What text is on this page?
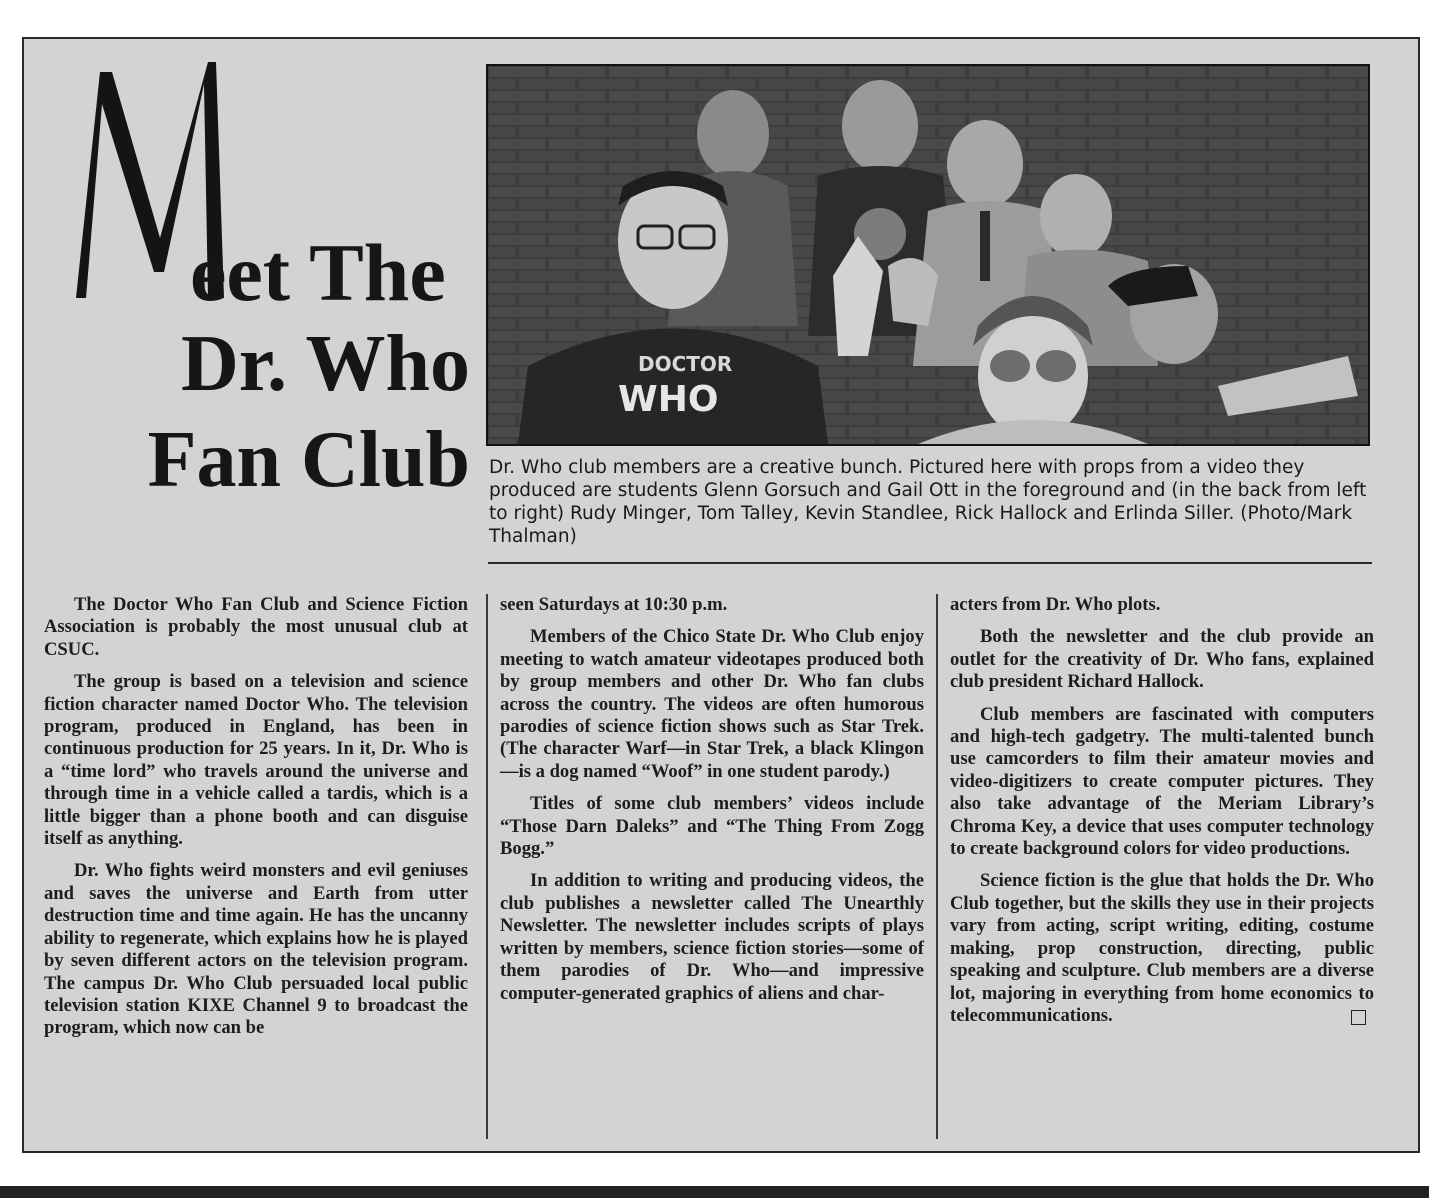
eet The
Dr. Who
Fan Club
DOCTOR
WHO
Dr. Who club members are a creative bunch. Pictured here with props from a video they produced are students Glenn Gorsuch and Gail Ott in the foreground and (in the back from left to right) Rudy Minger, Tom Talley, Kevin Standlee, Rick Hallock and Erlinda Siller. (Photo/Mark Thalman)

The Doctor Who Fan Club and Science Fiction Association is probably the most unusual club at CSUC.

The group is based on a television and science fiction character named Doctor Who. The television program, produced in England, has been in continuous production for 25 years. In it, Dr. Who is a “time lord” who travels around the universe and through time in a vehicle called a tardis, which is a little bigger than a phone booth and can disguise itself as anything.

Dr. Who fights weird monsters and evil geniuses and saves the universe and Earth from utter destruction time and time again. He has the uncanny ability to regenerate, which explains how he is played by seven different actors on the television program. The campus Dr. Who Club persuaded local public television station KIXE Channel 9 to broadcast the program, which now can be

seen Saturdays at 10:30 p.m.

Members of the Chico State Dr. Who Club enjoy meeting to watch amateur videotapes produced both by group members and other Dr. Who fan clubs across the country. The videos are often humorous parodies of science fiction shows such as Star Trek. (The character Warf—in Star Trek, a black Klingon—is a dog named “Woof” in one student parody.)

Titles of some club members’ videos include “Those Darn Daleks” and “The Thing From Zogg Bogg.”

In addition to writing and producing videos, the club publishes a newsletter called The Unearthly Newsletter. The newsletter includes scripts of plays written by members, science fiction stories—some of them parodies of Dr. Who—and impressive computer-generated graphics of aliens and char-

acters from Dr. Who plots.

Both the newsletter and the club provide an outlet for the creativity of Dr. Who fans, explained club president Richard Hallock.

Club members are fascinated with computers and high-tech gadgetry. The multi-talented bunch use camcorders to film their amateur movies and video-digitizers to create computer pictures. They also take advantage of the Meriam Library’s Chroma Key, a device that uses computer technology to create background colors for video productions.

Science fiction is the glue that holds the Dr. Who Club together, but the skills they use in their projects vary from acting, script writing, editing, costume making, prop construction, directing, public speaking and sculpture. Club members are a diverse lot, majoring in everything from home economics to telecommunications.
